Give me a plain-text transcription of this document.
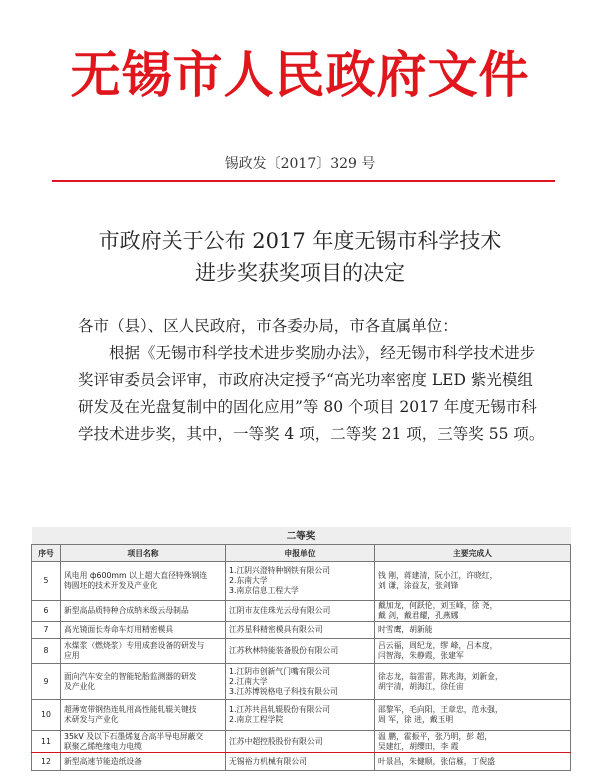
无锡市人民政府文件
锡政发〔2017〕329 号
市政府关于公布 2017 年度无锡市科学技术
进步奖获奖项目的决定

各市（县）、区人民政府，市各委办局，市各直属单位：

根据《无锡市科学技术进步奖励办法》，经无锡市科学技术进步奖评审委员会评审，市政府决定授予“高光功率密度 LED 紫光模组研发及在光盘复制中的固化应用”等 80 个项目 2017 年度无锡市科学技术进步奖，其中，一等奖 4 项，二等奖 21 项，三等奖 55 项。

二等奖			
序号	项目名称	申报单位	主要完成人

5	风电用 ф600mm 以上超大直径特殊钢连
铸圆坯的技术开发及产业化	1.江阴兴澄特种钢铁有限公司
2.东南大学
3.南京信息工程大学	钱 刚，蒋建清，阮小江，许晓红，
刘 谦，涂益友，张剑锋

6	新型高品质特种合成纳米级云母制品	江阴市友佳珠光云母有限公司	戴加龙，何跃伦，刘玉峰，徐 尧，
戴 剑，戴君耀，孔燕娜

7	高光镜面长寿命车灯用精密模具	江苏星科精密模具有限公司	时雪鹰，胡新能

8	水煤浆（燃烧浆）专用成套设备的研发与
应用	江苏秋林特能装备股份有限公司	吕云福，周纪龙，缪 峰，吕本度，
闫智海，朱静霞，张建军

9	面向汽车安全的智能轮胎监测器的研发
及产业化	1.江阴市创新气门嘴有限公司
2.江南大学
3.江苏博锐格电子科技有限公司	徐志龙，翁雷雷，陈兆海，刘新金，
胡宇清，胡海江，徐任宙

10	超薄宽带钢热连轧用高性能轧辊关键技
术研发与产业化	1.江苏共昌轧辊股份有限公司
2.南京工程学院	邵黎军，毛向阳，王章忠，范永强，
周 军，徐 进，戴玉明

11	35kV 及以下石墨烯复合高半导电屏蔽交
联聚乙烯绝缘电力电缆	江苏中超控股股份有限公司	温 鹏，霍振平，张乃明，彭 超，
吴建红，胡缨田，李 霞

12	新型高速节能造纸设备	无锡裕力机械有限公司	叶景昌，朱健顺，张信雁，丁倪盛
